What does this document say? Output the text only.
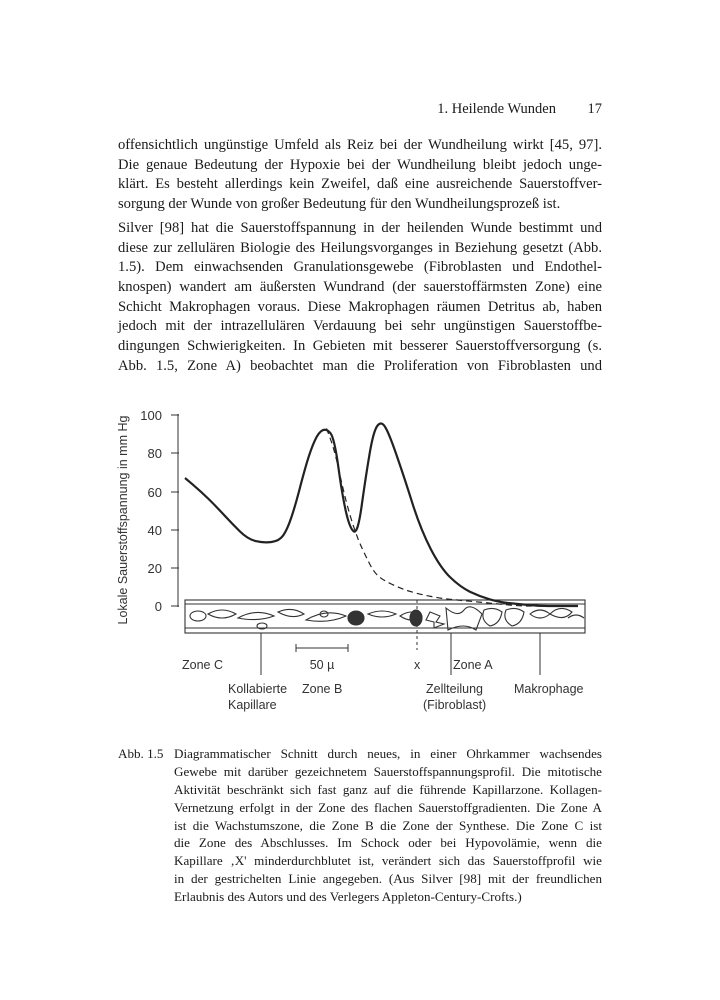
1. Heilende Wunden 17

offensichtlich ungünstige Umfeld als Reiz bei der Wundheilung wirkt [45, 97].
Die genaue Bedeutung der Hypoxie bei der Wundheilung bleibt jedoch unge-
klärt. Es besteht allerdings kein Zweifel, daß eine ausreichende Sauerstoffver-
sorgung der Wunde von großer Bedeutung für den Wundheilungsprozeß ist.

Silver [98] hat die Sauerstoffspannung in der heilenden Wunde bestimmt und
diese zur zellulären Biologie des Heilungsvorganges in Beziehung gesetzt (Abb.
1.5). Dem einwachsenden Granulationsgewebe (Fibroblasten und Endothel-
knospen) wandert am äußersten Wundrand (der sauerstoffärmsten Zone) eine
Schicht Makrophagen voraus. Diese Makrophagen räumen Detritus ab, haben
jedoch mit der intrazellulären Verdauung bei sehr ungünstigen Sauerstoffbe-
dingungen Schwierigkeiten. In Gebieten mit besserer Sauerstoffversorgung (s.
Abb. 1.5, Zone A) beobachtet man die Proliferation von Fibroblasten und

Lokale Sauerstoffspannung in mm Hg
100
80
60
40
20
0
50 µ
Zone C	x	Zone A
Kollabierte
Kapillare
Zone B	Zellteilung
(Fibroblast)
Makrophage
Abb. 1.5 Diagrammatischer Schnitt durch neues, in einer Ohrkammer wachsendes
Gewebe mit darüber gezeichnetem Sauerstoffspannungsprofil. Die mitotische
Aktivität beschränkt sich fast ganz auf die führende Kapillarzone. Kollagen-
Vernetzung erfolgt in der Zone des flachen Sauerstoffgradienten. Die Zone A
ist die Wachstumszone, die Zone B die Zone der Synthese. Die Zone C ist
die Zone des Abschlusses. Im Schock oder bei Hypovolämie, wenn die
Kapillare ‚X' minderdurchblutet ist, verändert sich das Sauerstoffprofil wie
in der gestrichelten Linie angegeben. (Aus Silver [98] mit der freundlichen
Erlaubnis des Autors und des Verlegers Appleton-Century-Crofts.)
